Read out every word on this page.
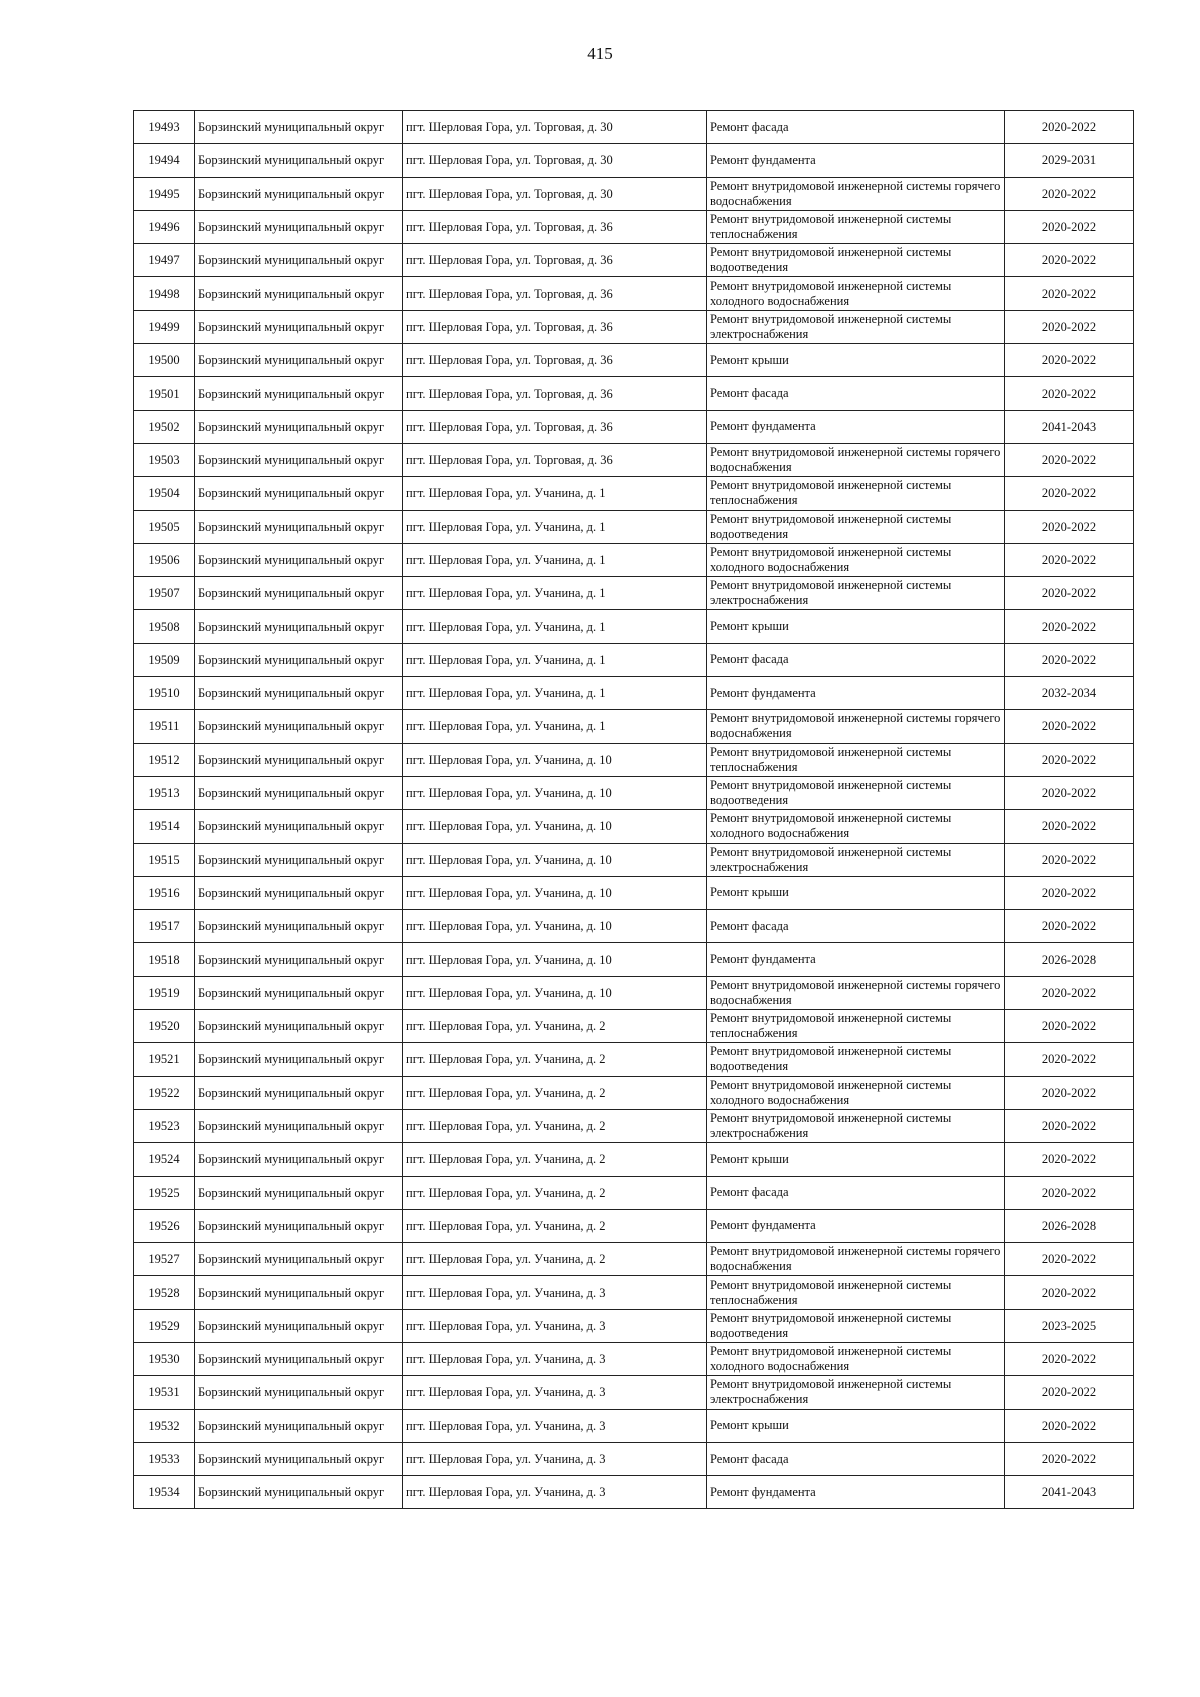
415
19493	Борзинский муниципальный округ	пгт. Шерловая Гора, ул. Торговая, д. 30	Ремонт фасада	2020-2022
19494	Борзинский муниципальный округ	пгт. Шерловая Гора, ул. Торговая, д. 30	Ремонт фундамента	2029-2031
19495	Борзинский муниципальный округ	пгт. Шерловая Гора, ул. Торговая, д. 30	Ремонт внутридомовой инженерной системы горячего водоснабжения	2020-2022
19496	Борзинский муниципальный округ	пгт. Шерловая Гора, ул. Торговая, д. 36	Ремонт внутридомовой инженерной системы теплоснабжения	2020-2022
19497	Борзинский муниципальный округ	пгт. Шерловая Гора, ул. Торговая, д. 36	Ремонт внутридомовой инженерной системы водоотведения	2020-2022
19498	Борзинский муниципальный округ	пгт. Шерловая Гора, ул. Торговая, д. 36	Ремонт внутридомовой инженерной системы холодного водоснабжения	2020-2022
19499	Борзинский муниципальный округ	пгт. Шерловая Гора, ул. Торговая, д. 36	Ремонт внутридомовой инженерной системы электроснабжения	2020-2022
19500	Борзинский муниципальный округ	пгт. Шерловая Гора, ул. Торговая, д. 36	Ремонт крыши	2020-2022
19501	Борзинский муниципальный округ	пгт. Шерловая Гора, ул. Торговая, д. 36	Ремонт фасада	2020-2022
19502	Борзинский муниципальный округ	пгт. Шерловая Гора, ул. Торговая, д. 36	Ремонт фундамента	2041-2043
19503	Борзинский муниципальный округ	пгт. Шерловая Гора, ул. Торговая, д. 36	Ремонт внутридомовой инженерной системы горячего водоснабжения	2020-2022
19504	Борзинский муниципальный округ	пгт. Шерловая Гора, ул. Учанина, д. 1	Ремонт внутридомовой инженерной системы теплоснабжения	2020-2022
19505	Борзинский муниципальный округ	пгт. Шерловая Гора, ул. Учанина, д. 1	Ремонт внутридомовой инженерной системы водоотведения	2020-2022
19506	Борзинский муниципальный округ	пгт. Шерловая Гора, ул. Учанина, д. 1	Ремонт внутридомовой инженерной системы холодного водоснабжения	2020-2022
19507	Борзинский муниципальный округ	пгт. Шерловая Гора, ул. Учанина, д. 1	Ремонт внутридомовой инженерной системы электроснабжения	2020-2022
19508	Борзинский муниципальный округ	пгт. Шерловая Гора, ул. Учанина, д. 1	Ремонт крыши	2020-2022
19509	Борзинский муниципальный округ	пгт. Шерловая Гора, ул. Учанина, д. 1	Ремонт фасада	2020-2022
19510	Борзинский муниципальный округ	пгт. Шерловая Гора, ул. Учанина, д. 1	Ремонт фундамента	2032-2034
19511	Борзинский муниципальный округ	пгт. Шерловая Гора, ул. Учанина, д. 1	Ремонт внутридомовой инженерной системы горячего водоснабжения	2020-2022
19512	Борзинский муниципальный округ	пгт. Шерловая Гора, ул. Учанина, д. 10	Ремонт внутридомовой инженерной системы теплоснабжения	2020-2022
19513	Борзинский муниципальный округ	пгт. Шерловая Гора, ул. Учанина, д. 10	Ремонт внутридомовой инженерной системы водоотведения	2020-2022
19514	Борзинский муниципальный округ	пгт. Шерловая Гора, ул. Учанина, д. 10	Ремонт внутридомовой инженерной системы холодного водоснабжения	2020-2022
19515	Борзинский муниципальный округ	пгт. Шерловая Гора, ул. Учанина, д. 10	Ремонт внутридомовой инженерной системы электроснабжения	2020-2022
19516	Борзинский муниципальный округ	пгт. Шерловая Гора, ул. Учанина, д. 10	Ремонт крыши	2020-2022
19517	Борзинский муниципальный округ	пгт. Шерловая Гора, ул. Учанина, д. 10	Ремонт фасада	2020-2022
19518	Борзинский муниципальный округ	пгт. Шерловая Гора, ул. Учанина, д. 10	Ремонт фундамента	2026-2028
19519	Борзинский муниципальный округ	пгт. Шерловая Гора, ул. Учанина, д. 10	Ремонт внутридомовой инженерной системы горячего водоснабжения	2020-2022
19520	Борзинский муниципальный округ	пгт. Шерловая Гора, ул. Учанина, д. 2	Ремонт внутридомовой инженерной системы теплоснабжения	2020-2022
19521	Борзинский муниципальный округ	пгт. Шерловая Гора, ул. Учанина, д. 2	Ремонт внутридомовой инженерной системы водоотведения	2020-2022
19522	Борзинский муниципальный округ	пгт. Шерловая Гора, ул. Учанина, д. 2	Ремонт внутридомовой инженерной системы холодного водоснабжения	2020-2022
19523	Борзинский муниципальный округ	пгт. Шерловая Гора, ул. Учанина, д. 2	Ремонт внутридомовой инженерной системы электроснабжения	2020-2022
19524	Борзинский муниципальный округ	пгт. Шерловая Гора, ул. Учанина, д. 2	Ремонт крыши	2020-2022
19525	Борзинский муниципальный округ	пгт. Шерловая Гора, ул. Учанина, д. 2	Ремонт фасада	2020-2022
19526	Борзинский муниципальный округ	пгт. Шерловая Гора, ул. Учанина, д. 2	Ремонт фундамента	2026-2028
19527	Борзинский муниципальный округ	пгт. Шерловая Гора, ул. Учанина, д. 2	Ремонт внутридомовой инженерной системы горячего водоснабжения	2020-2022
19528	Борзинский муниципальный округ	пгт. Шерловая Гора, ул. Учанина, д. 3	Ремонт внутридомовой инженерной системы теплоснабжения	2020-2022
19529	Борзинский муниципальный округ	пгт. Шерловая Гора, ул. Учанина, д. 3	Ремонт внутридомовой инженерной системы водоотведения	2023-2025
19530	Борзинский муниципальный округ	пгт. Шерловая Гора, ул. Учанина, д. 3	Ремонт внутридомовой инженерной системы холодного водоснабжения	2020-2022
19531	Борзинский муниципальный округ	пгт. Шерловая Гора, ул. Учанина, д. 3	Ремонт внутридомовой инженерной системы электроснабжения	2020-2022
19532	Борзинский муниципальный округ	пгт. Шерловая Гора, ул. Учанина, д. 3	Ремонт крыши	2020-2022
19533	Борзинский муниципальный округ	пгт. Шерловая Гора, ул. Учанина, д. 3	Ремонт фасада	2020-2022
19534	Борзинский муниципальный округ	пгт. Шерловая Гора, ул. Учанина, д. 3	Ремонт фундамента	2041-2043
